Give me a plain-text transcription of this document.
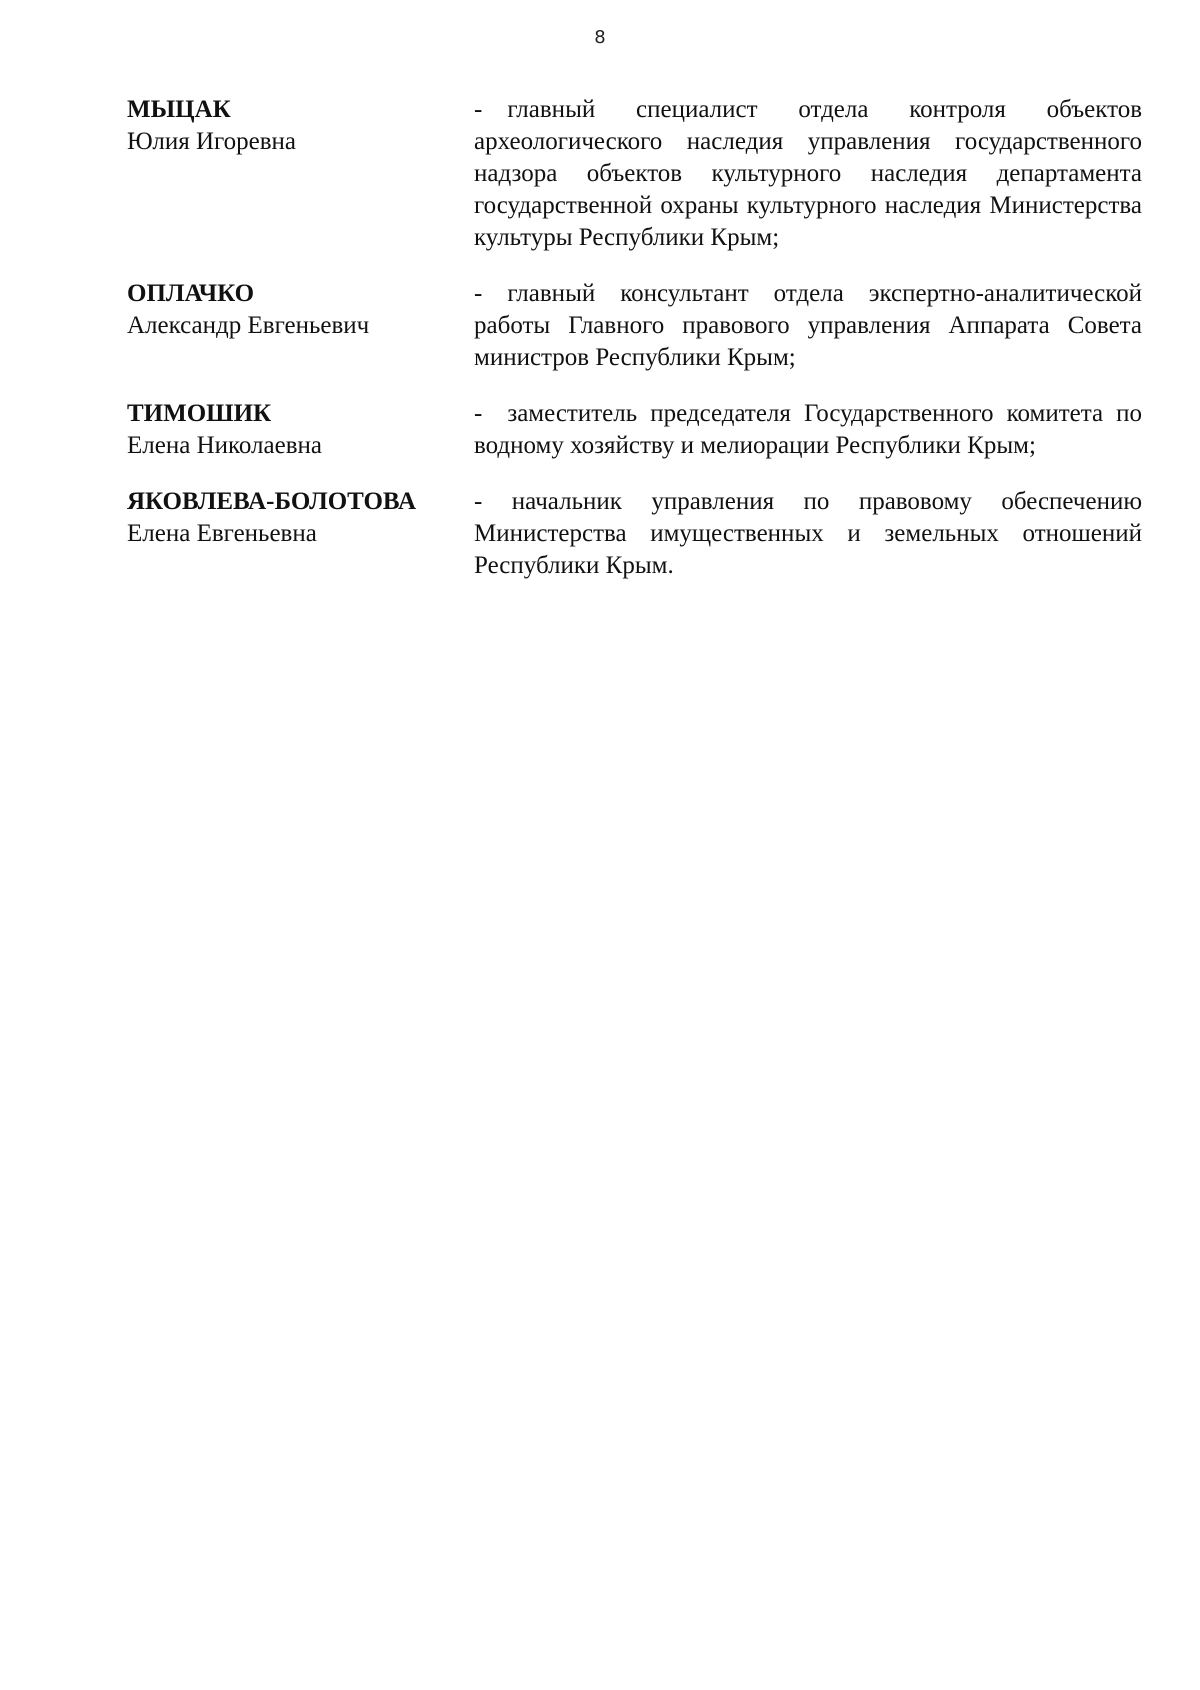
8
МЫЦАК
Юлия Игоревна
- главный специалист отдела контроля объектов археологического наследия управления государственного надзора объектов культурного наследия департамента государственной охраны культурного наследия Министерства культуры Республики Крым;
ОПЛАЧКО
Александр Евгеньевич
- главный консультант отдела экспертно-аналитической работы Главного правового управления Аппарата Совета министров Республики Крым;
ТИМОШИК
Елена Николаевна
- заместитель председателя Государственного комитета по водному хозяйству и мелиорации Республики Крым;
ЯКОВЛЕВА-БОЛОТОВА
Елена Евгеньевна
- начальник управления по правовому обеспечению Министерства имущественных и земельных отношений Республики Крым.
